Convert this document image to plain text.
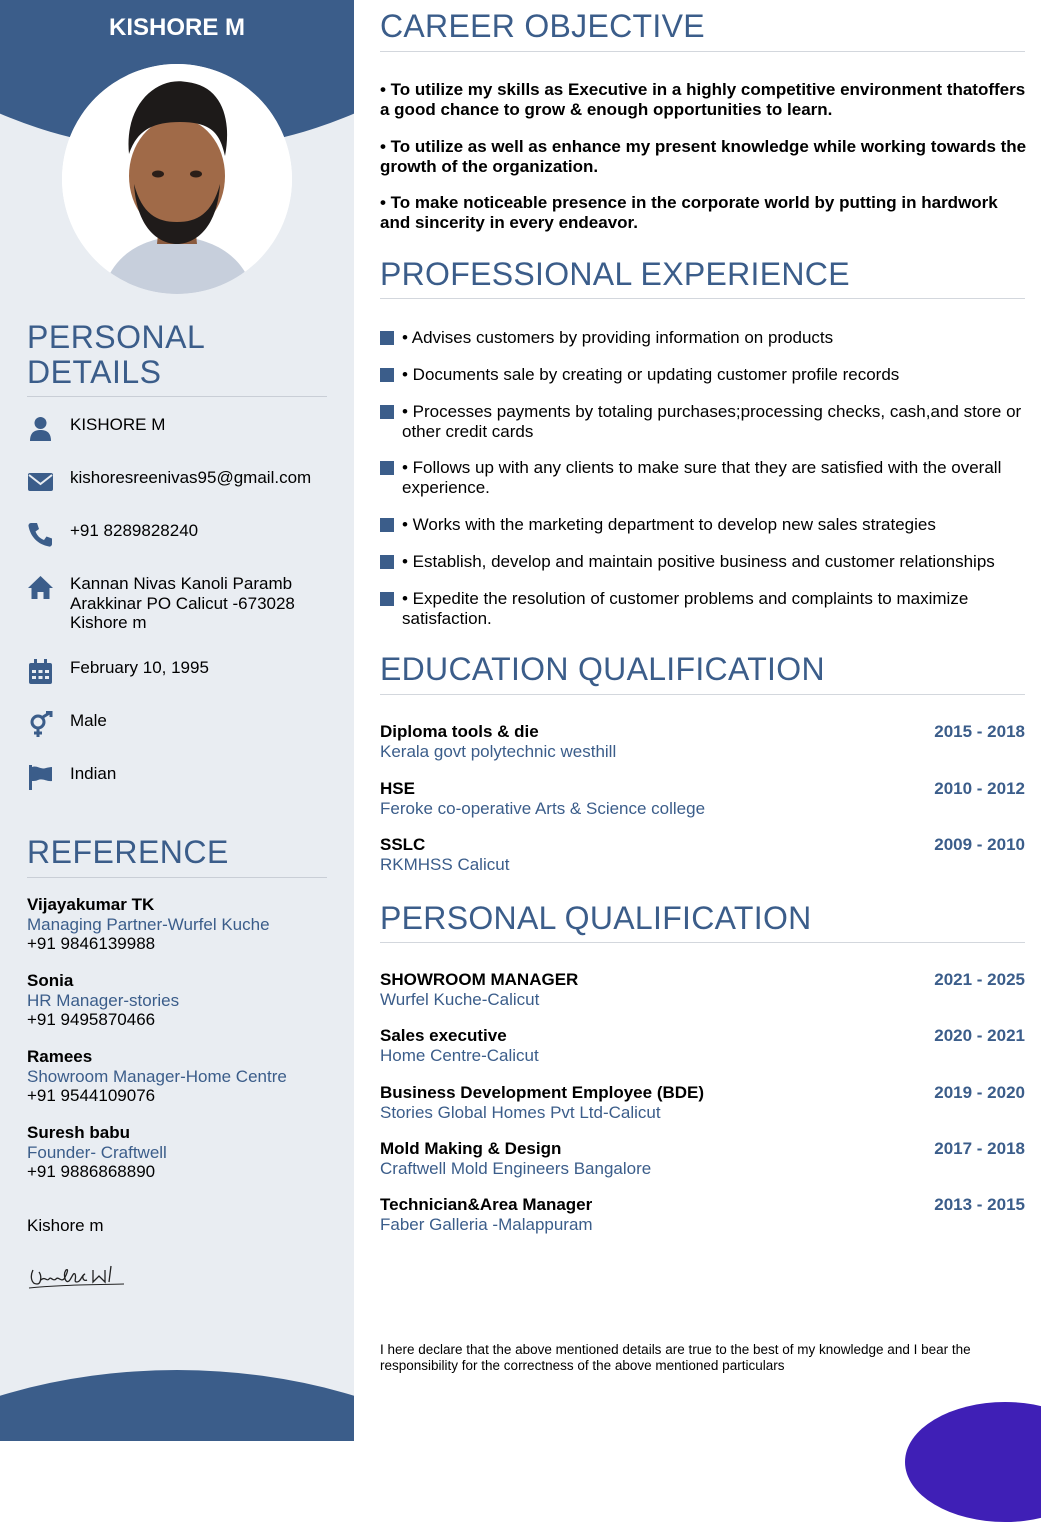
KISHORE M
PERSONAL
DETAILS
KISHORE M
kishoresreenivas95@gmail.com
+91 8289828240
Kannan Nivas Kanoli Paramb
Arakkinar PO Calicut -673028
Kishore m
February 10, 1995
Male
Indian
REFERENCE
Vijayakumar TK
Managing Partner-Wurfel Kuche
+91 9846139988
Sonia
HR Manager-stories
+91 9495870466
Ramees
Showroom Manager-Home Centre
+91 9544109076
Suresh babu
Founder- Craftwell
+91 9886868890
Kishore m
CAREER OBJECTIVE
• To utilize my skills as Executive in a highly competitive environment thatoffers a good chance to grow & enough opportunities to learn.
• To utilize as well as enhance my present knowledge while working towards the growth of the organization.
• To make noticeable presence in the corporate world by putting in hardwork and sincerity in every endeavor.
PROFESSIONAL EXPERIENCE
• Advises customers by providing information on products
• Documents sale by creating or updating customer profile records
• Processes payments by totaling purchases;processing checks, cash,and store or other credit cards
• Follows up with any clients to make sure that they are satisfied with the overall experience.
• Works with the marketing department to develop new sales strategies
• Establish, develop and maintain positive business and customer relationships
• Expedite the resolution of customer problems and complaints to maximize satisfaction.
EDUCATION QUALIFICATION
Diploma tools & die
Kerala govt polytechnic westhill
2015 - 2018
HSE
Feroke co-operative Arts & Science college
2010 - 2012
SSLC
RKMHSS Calicut
2009 - 2010
PERSONAL QUALIFICATION
SHOWROOM MANAGER
Wurfel Kuche-Calicut
2021 - 2025
Sales executive
Home Centre-Calicut
2020 - 2021
Business Development Employee (BDE)
Stories Global Homes Pvt Ltd-Calicut
2019 - 2020
Mold Making & Design
Craftwell Mold Engineers Bangalore
2017 - 2018
Technician&Area Manager
Faber Galleria -Malappuram
2013 - 2015
I here declare that the above mentioned details are true to the best of my knowledge and I bear the responsibility for the correctness of the above mentioned particulars
